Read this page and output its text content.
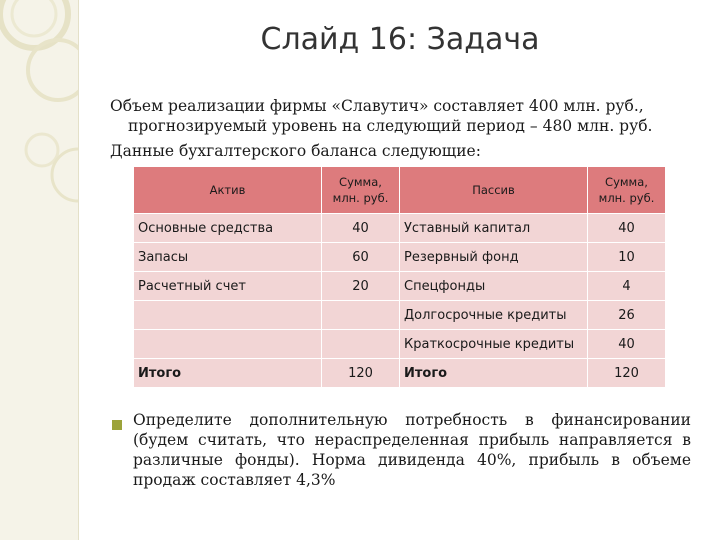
Слайд 16: Задача
Объем реализации фирмы «Славутич» составляет 400 млн. руб.,
прогнозируемый уровень на следующий период – 480 млн. руб.
Данные бухгалтерского баланса следующие:
Актив	Сумма, млн. руб.	Пассив	Сумма, млн. руб.
Основные средства	40	Уставный капитал	40
Запасы	60	Резервный фонд	10
Расчетный счет	20	Спецфонды	4
		Долгосрочные кредиты	26
		Краткосрочные кредиты	40
Итого	120	Итого	120
Определите дополнительную потребность в финансировании (будем считать, что нераспределенная прибыль направляется в различные фонды). Норма дивиденда 40%, прибыль в объеме продаж составляет 4,3%
